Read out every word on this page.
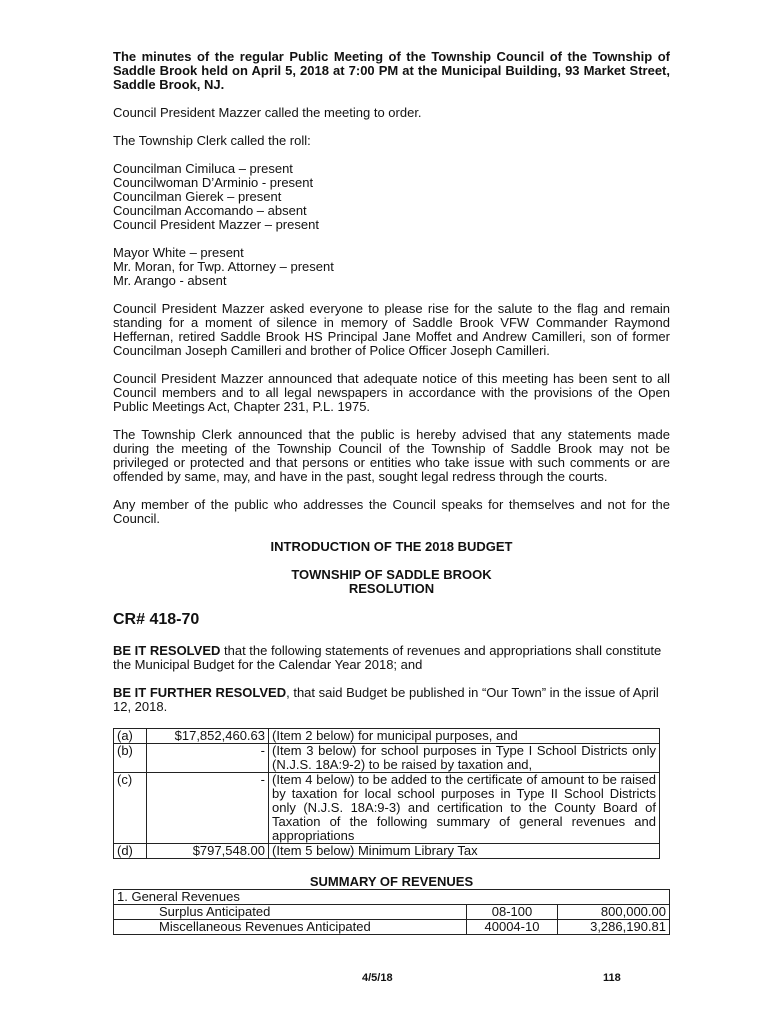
The minutes of the regular Public Meeting of the Township Council of the Township of Saddle Brook held on April 5, 2018 at 7:00 PM at the Municipal Building, 93 Market Street, Saddle Brook, NJ.

Council President Mazzer called the meeting to order.

The Township Clerk called the roll:

Councilman Cimiluca – present
Councilwoman D’Arminio - present
Councilman Gierek – present
Councilman Accomando – absent
Council President Mazzer – present
Mayor White – present
Mr. Moran, for Twp. Attorney – present
Mr. Arango - absent

Council President Mazzer asked everyone to please rise for the salute to the flag and remain standing for a moment of silence in memory of Saddle Brook VFW Commander Raymond Heffernan, retired Saddle Brook HS Principal Jane Moffet and Andrew Camilleri, son of former Councilman Joseph Camilleri and brother of Police Officer Joseph Camilleri.

Council President Mazzer announced that adequate notice of this meeting has been sent to all Council members and to all legal newspapers in accordance with the provisions of the Open Public Meetings Act, Chapter 231, P.L. 1975.

The Township Clerk announced that the public is hereby advised that any statements made during the meeting of the Township Council of the Township of Saddle Brook may not be privileged or protected and that persons or entities who take issue with such comments or are offended by same, may, and have in the past, sought legal redress through the courts.

Any member of the public who addresses the Council speaks for themselves and not for the Council.

INTRODUCTION OF THE 2018 BUDGET
TOWNSHIP OF SADDLE BROOK
RESOLUTION
CR# 418-70

BE IT RESOLVED that the following statements of revenues and appropriations shall constitute the Municipal Budget for the Calendar Year 2018; and

BE IT FURTHER RESOLVED, that said Budget be published in “Our Town” in the issue of April 12, 2018.

(a)	$17,852,460.63	(Item 2 below) for municipal purposes, and
(b)	-	(Item 3 below) for school purposes in Type I School Districts only (N.J.S. 18A:9-2) to be raised by taxation and,
(c)	-	(Item 4 below) to be added to the certificate of amount to be raised by taxation for local school purposes in Type II School Districts only (N.J.S. 18A:9-3) and certification to the County Board of Taxation of the following summary of general revenues and appropriations
(d)	$797,548.00	(Item 5 below) Minimum Library Tax
SUMMARY OF REVENUES
1. General Revenues		
Surplus Anticipated	08-100	800,000.00
Miscellaneous Revenues Anticipated	40004-10	3,286,190.81
4/5/18	118
